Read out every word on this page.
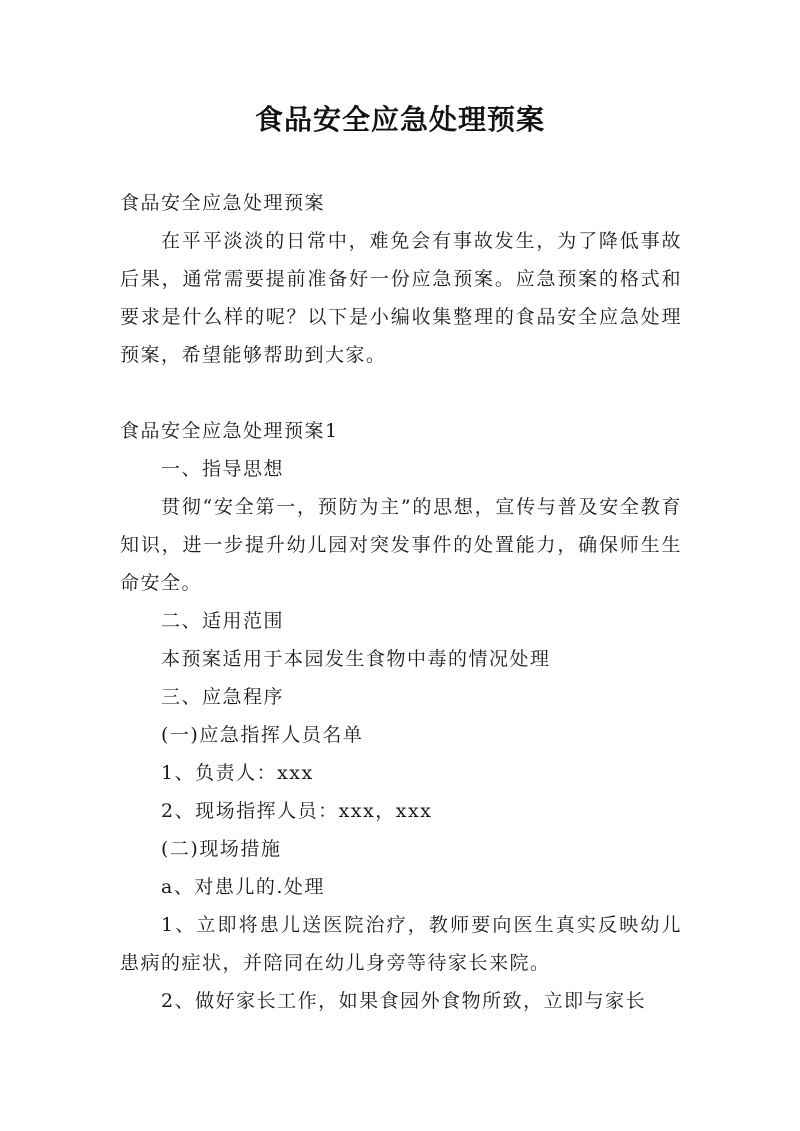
食品安全应急处理预案

食品安全应急处理预案

在平平淡淡的日常中，难免会有事故发生，为了降低事故后果，通常需要提前准备好一份应急预案。应急预案的格式和要求是什么样的呢？以下是小编收集整理的食品安全应急处理预案，希望能够帮助到大家。

食品安全应急处理预案1

一、指导思想

贯彻“安全第一，预防为主”的思想，宣传与普及安全教育知识，进一步提升幼儿园对突发事件的处置能力，确保师生生命安全。

二、适用范围

本预案适用于本园发生食物中毒的情况处理

三、应急程序

(一)应急指挥人员名单

1、负责人：xxx

2、现场指挥人员：xxx，xxx

(二)现场措施

a、对患儿的.处理

1、立即将患儿送医院治疗，教师要向医生真实反映幼儿患病的症状，并陪同在幼儿身旁等待家长来院。

2、做好家长工作，如果食园外食物所致，立即与家长
